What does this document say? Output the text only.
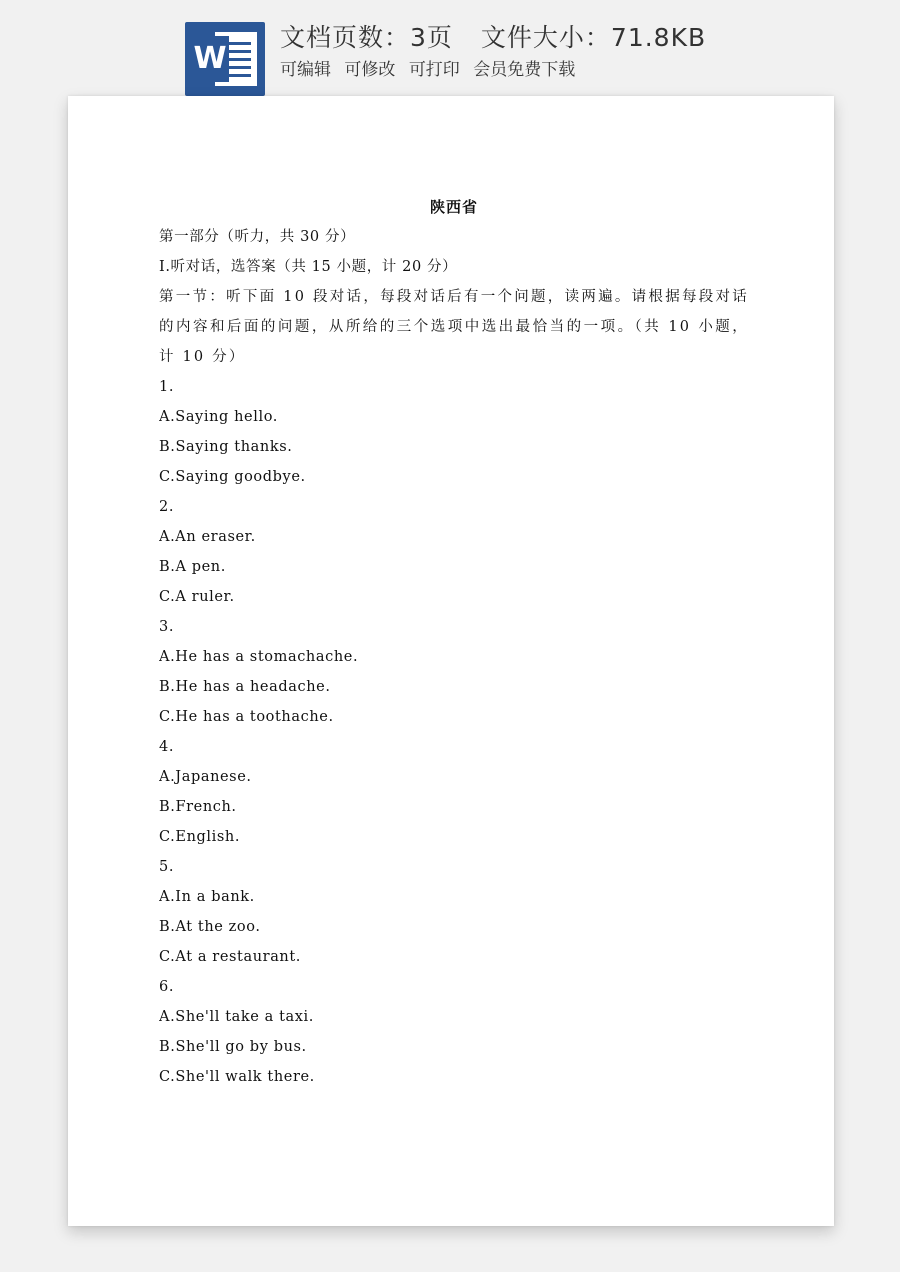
W
文档页数：3页 文件大小：71.8KB
可编辑 可修改 可打印 会员免费下载
陕西省
第一部分（听力，共 30 分）
I.听对话，选答案（共 15 小题，计 20 分）
第一节：听下面 10 段对话，每段对话后有一个问题，读两遍。请根据每段对话的内容和后面的问题，从所给的三个选项中选出最恰当的一项。（共 10 小题，计 10 分）
1.
A.Saying hello.
B.Saying thanks.
C.Saying goodbye.
2.
A.An eraser.
B.A pen.
C.A ruler.
3.
A.He has a stomachache.
B.He has a headache.
C.He has a toothache.
4.
A.Japanese.
B.French.
C.English.
5.
A.In a bank.
B.At the zoo.
C.At a restaurant.
6.
A.She'll take a taxi.
B.She'll go by bus.
C.She'll walk there.
